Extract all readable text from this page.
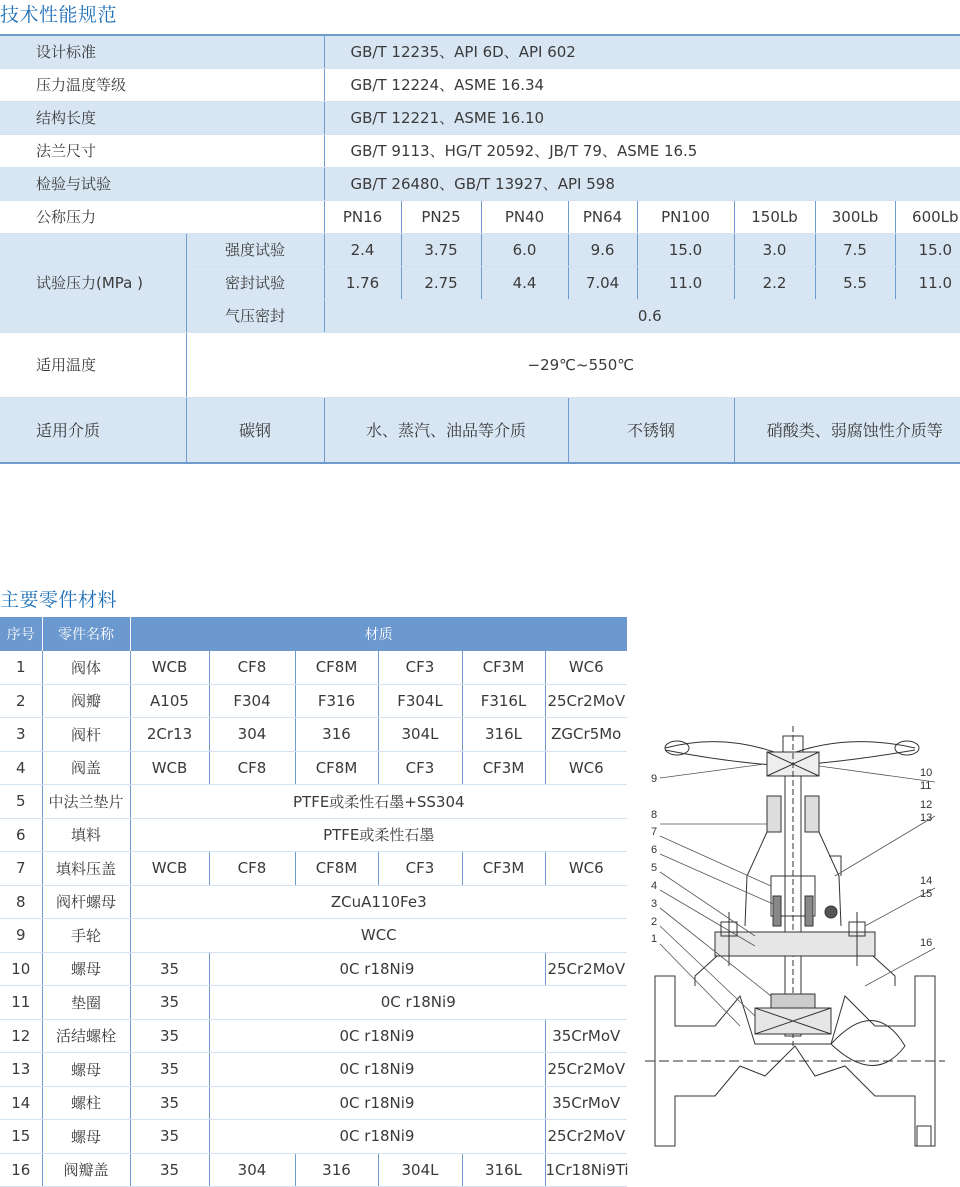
技术性能规范
设计标准		GB/T 12235、API 6D、API 602							
压力温度等级		GB/T 12224、ASME 16.34							
结构长度		GB/T 12221、ASME 16.10							
法兰尺寸		GB/T 9113、HG/T 20592、JB/T 79、ASME 16.5							
检验与试验		GB/T 26480、GB/T 13927、API 598							
公称压力		PN16	PN25	PN40	PN64	PN100	150Lb	300Lb	600Lb
试验压力(MPa )	强度试验	2.4	3.75	6.0	9.6	15.0	3.0	7.5	15.0
	密封试验	1.76	2.75	4.4	7.04	11.0	2.2	5.5	11.0
	气压密封	0.6							
适用温度	−29℃~550℃								
适用介质	碳钢	水、蒸汽、油品等介质			不锈钢		硝酸类、弱腐蚀性介质等		
主要零件材料
序号	零件名称	材质					
1	阀体	WCB	CF8	CF8M	CF3	CF3M	WC6
2	阀瓣	A105	F304	F316	F304L	F316L	25Cr2MoV
3	阀杆	2Cr13	304	316	304L	316L	ZGCr5Mo
4	阀盖	WCB	CF8	CF8M	CF3	CF3M	WC6
5	中法兰垫片	PTFE或柔性石墨+SS304					
6	填料	PTFE或柔性石墨					
7	填料压盖	WCB	CF8	CF8M	CF3	CF3M	WC6
8	阀杆螺母	ZCuA110Fe3					
9	手轮	WCC					
10	螺母	35	0C r18Ni9				25Cr2MoV
11	垫圈	35	0C r18Ni9				
12	活结螺栓	35	0C r18Ni9				35CrMoV
13	螺母	35	0C r18Ni9				25Cr2MoV
14	螺柱	35	0C r18Ni9				35CrMoV
15	螺母	35	0C r18Ni9				25Cr2MoV
16	阀瓣盖	35	304	316	304L	316L	1Cr18Ni9Ti
1
2
3
4
5
6
7
8
9	10
11
12
13
14
15
16
